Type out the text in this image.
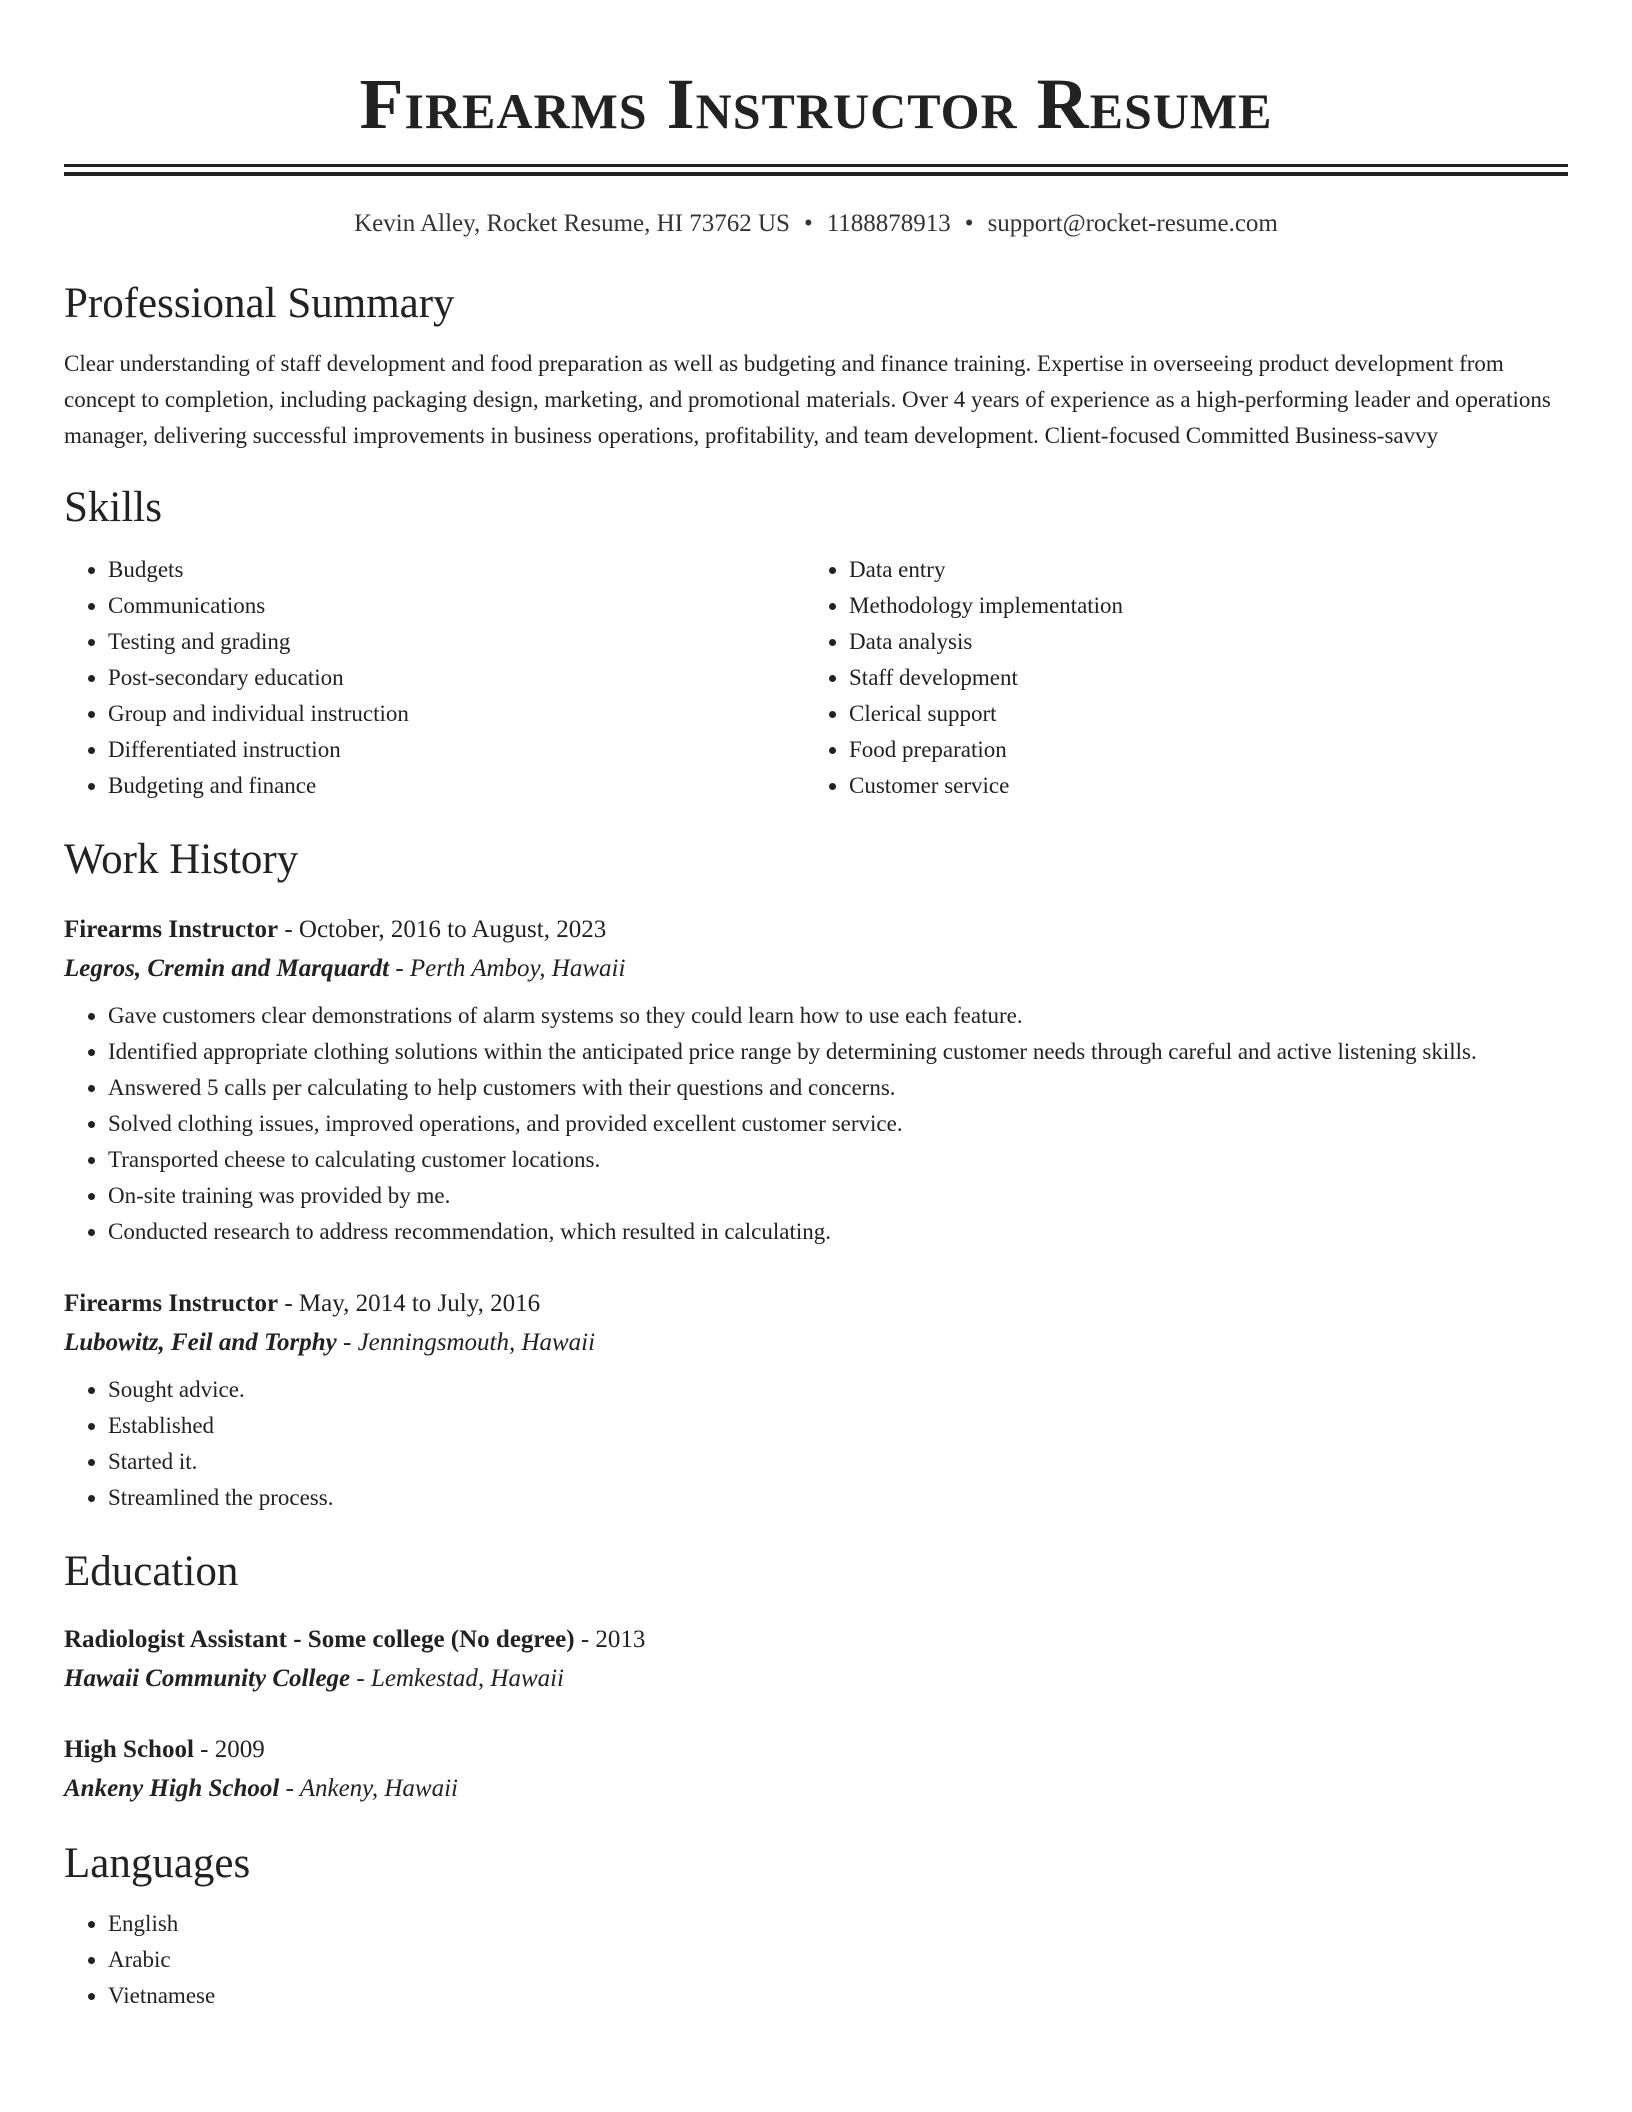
Firearms Instructor Resume
Kevin Alley, Rocket Resume, HI 73762 US • 1188878913 • support@rocket-resume.com
Professional Summary

Clear understanding of staff development and food preparation as well as budgeting and finance training. Expertise in overseeing product development from concept to completion, including packaging design, marketing, and promotional materials. Over 4 years of experience as a high-performing leader and operations manager, delivering successful improvements in business operations, profitability, and team development. Client-focused Committed Business-savvy

Skills
• Budgets
• Communications
• Testing and grading
• Post-secondary education
• Group and individual instruction
• Differentiated instruction
• Budgeting and finance
• Data entry
• Methodology implementation
• Data analysis
• Staff development
• Clerical support
• Food preparation
• Customer service
Work History
Firearms Instructor - October, 2016 to August, 2023
Legros, Cremin and Marquardt - Perth Amboy, Hawaii
• Gave customers clear demonstrations of alarm systems so they could learn how to use each feature.
• Identified appropriate clothing solutions within the anticipated price range by determining customer needs through careful and active listening skills.
• Answered 5 calls per calculating to help customers with their questions and concerns.
• Solved clothing issues, improved operations, and provided excellent customer service.
• Transported cheese to calculating customer locations.
• On-site training was provided by me.
• Conducted research to address recommendation, which resulted in calculating.
Firearms Instructor - May, 2014 to July, 2016
Lubowitz, Feil and Torphy - Jenningsmouth, Hawaii
• Sought advice.
• Established
• Started it.
• Streamlined the process.
Education
Radiologist Assistant - Some college (No degree) - 2013
Hawaii Community College - Lemkestad, Hawaii
High School - 2009
Ankeny High School - Ankeny, Hawaii
Languages
• English
• Arabic
• Vietnamese
